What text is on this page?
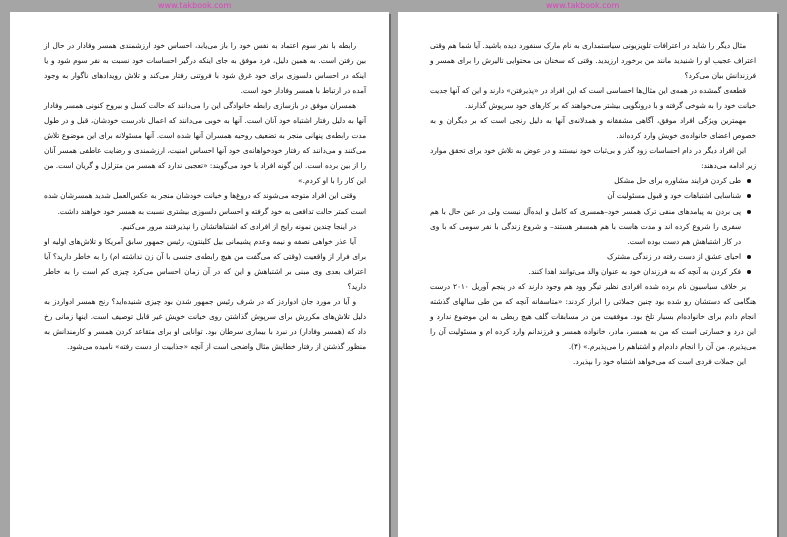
www.takbook.com	www.takbook.com

رابطه با نفر سوم اعتماد به نفس خود را باز می‌یابد، احساس خود ارزشمندی همسر وفادار در حال از بین رفتن است. به همین دلیل، فرد موفق به جای اینکه درگیر احساسات خود نسبت به نفر سوم شود و یا اینکه در احساس دلسوزی برای خود غرق شود با فروتنی رفتار می‌کند و تلاش رویدادهای ناگوار به وجود آمده در ارتباط با همسر وفادار خود است.

همسران موفق در بازسازی رابطه خانوادگی این را می‌دانند که حالت کسل و بیروح کنونی همسر وفادار آنها به دلیل رفتار اشتباه خود آنان است. آنها به خوبی می‌دانند که اعمال نادرست خودشان، قبل و در طول مدت رابطه‌ی پنهانی منجر به تضعیف روحیه همسران آنها شده است. آنها مسئولانه برای این موضوع تلاش می‌کنند و می‌دانند که رفتار خودخواهانه‌ی خود آنها احساس امنیت، ارزشمندی و رضایت عاطفی همسر آنان را از بین برده است. این گونه افراد با خود می‌گویند: «تعجبی ندارد که همسر من متزلزل و گریان است. من این کار را با او کردم.»

وقتی این افراد متوجه می‌شوند که دروغ‌ها و خیانت خودشان منجر به عکس‌العمل شدید همسرشان شده است کمتر حالت تدافعی به خود گرفته و احساس دلسوزی بیشتری نسبت به همسر خود خواهند داشت.

در اینجا چندین نمونه رایج از افرادی که اشتباهاتشان را نپذیرفتند مرور می‌کنیم.

آیا عذر خواهی نصفه و نیمه وعدم پشیمانی بیل کلینتون، رئیس جمهور سابق آمریکا و تلاش‌های اولیه او برای فرار از واقعیت (وقتی که می‌گفت من هیچ رابطه‌ی جنسی با آن زن نداشته ام) را به خاطر دارید؟ آیا اعتراف بعدی وی مبنی بر اشتباهش و این که در آن زمان احساس می‌کرد چیزی کم است را به خاطر دارید؟

و آیا در مورد جان ادواردز که در شرف رئیس جمهور شدن بود چیزی شنیده‌اید؟ رنج همسر ادواردز به دلیل تلاش‌های مکررش برای سرپوش گذاشتن روی خیانت خویش غیر قابل توصیف است. اینها زمانی رخ داد که (همسر وفادار) در نبرد با بیماری سرطان بود. توانایی او برای متقاعد کردن همسر و کارمندانش به منظور گذشتن از رفتار خطایش مثال واضحی است از آنچه «جذابیت از دست رفته» نامیده می‌شود.

مثال دیگر را شاید در اعترافات تلویزیونی سیاستمداری به نام مارک سنفورد دیده باشید. آیا شما هم وقتی اعتراف عجیب او را شنیدید مانند من برخورد ارزیدید. وقتی که سخنان بی محتوایی تالیرش را برای همسر و فرزندانش بیان می‌کرد؟

قطعه‌ی گمشده در همه‌ی این مثال‌ها احساسی است که این افراد در «پذیرفتن» دارند و این که آنها جدیت خیانت خود را به شوخی گرفته و با درونگویی بیشتر می‌خواهند که بر کارهای خود سرپوش گذارند.

مهمترین ویژگی افراد موفق، آگاهی مشفقانه و همدلانه‌ی آنها به دلیل رنجی است که بر دیگران و به خصوص اعضای خانواده‌ی خویش وارد کرده‌اند.

این افراد دیگر در دام احساسات زود گذر و بی‌ثبات خود نیستند و در عوض به تلاش خود برای تحقق موارد زیر ادامه می‌دهند:

طی کردن فرایند مشاوره برای حل مشکل
شناسایی اشتباهات خود و قبول مسئولیت آن
پی بردن به پیامدهای منفی ترک همسر خود–همسری که کامل و ایده‌آل نیست ولی در عین حال با هم سفری را شروع کرده اند و مدت هاست با هم همسفر هستند– و شروع زندگی با نفر سومی که با وی در کار اشتباهش هم دست بوده است.
احیای عشق از دست رفته در زندگی مشترک
فکر کردن به آنچه که به فرزندان خود به عنوان والد می‌توانند اهدا کنند.

بر خلاف سیاسیون نام برده شده افرادی نظیر تیگر وود هم وجود دارند که در پنجم آوریل ۲۰۱۰ درست هنگامی که دستشان رو شده بود چنین جملاتی را ابراز کردند: «متاسفانه آنچه که من طی سالهای گذشته انجام دادم برای خانواده‌ام بسیار تلخ بود. موفقیت من در مسابقات گلف هیچ ربطی به این موضوع ندارد و این درد و خسارتی است که من به همسر، مادر، خانواده همسر و فرزندانم وارد کرده ام و مسئولیت آن را می‌پذیرم. من آن را انجام دادم‌ام و اشتباهم را می‌پذیرم.» (۴).

این جملات فردی است که می‌خواهد اشتباه خود را بپذیرد.
